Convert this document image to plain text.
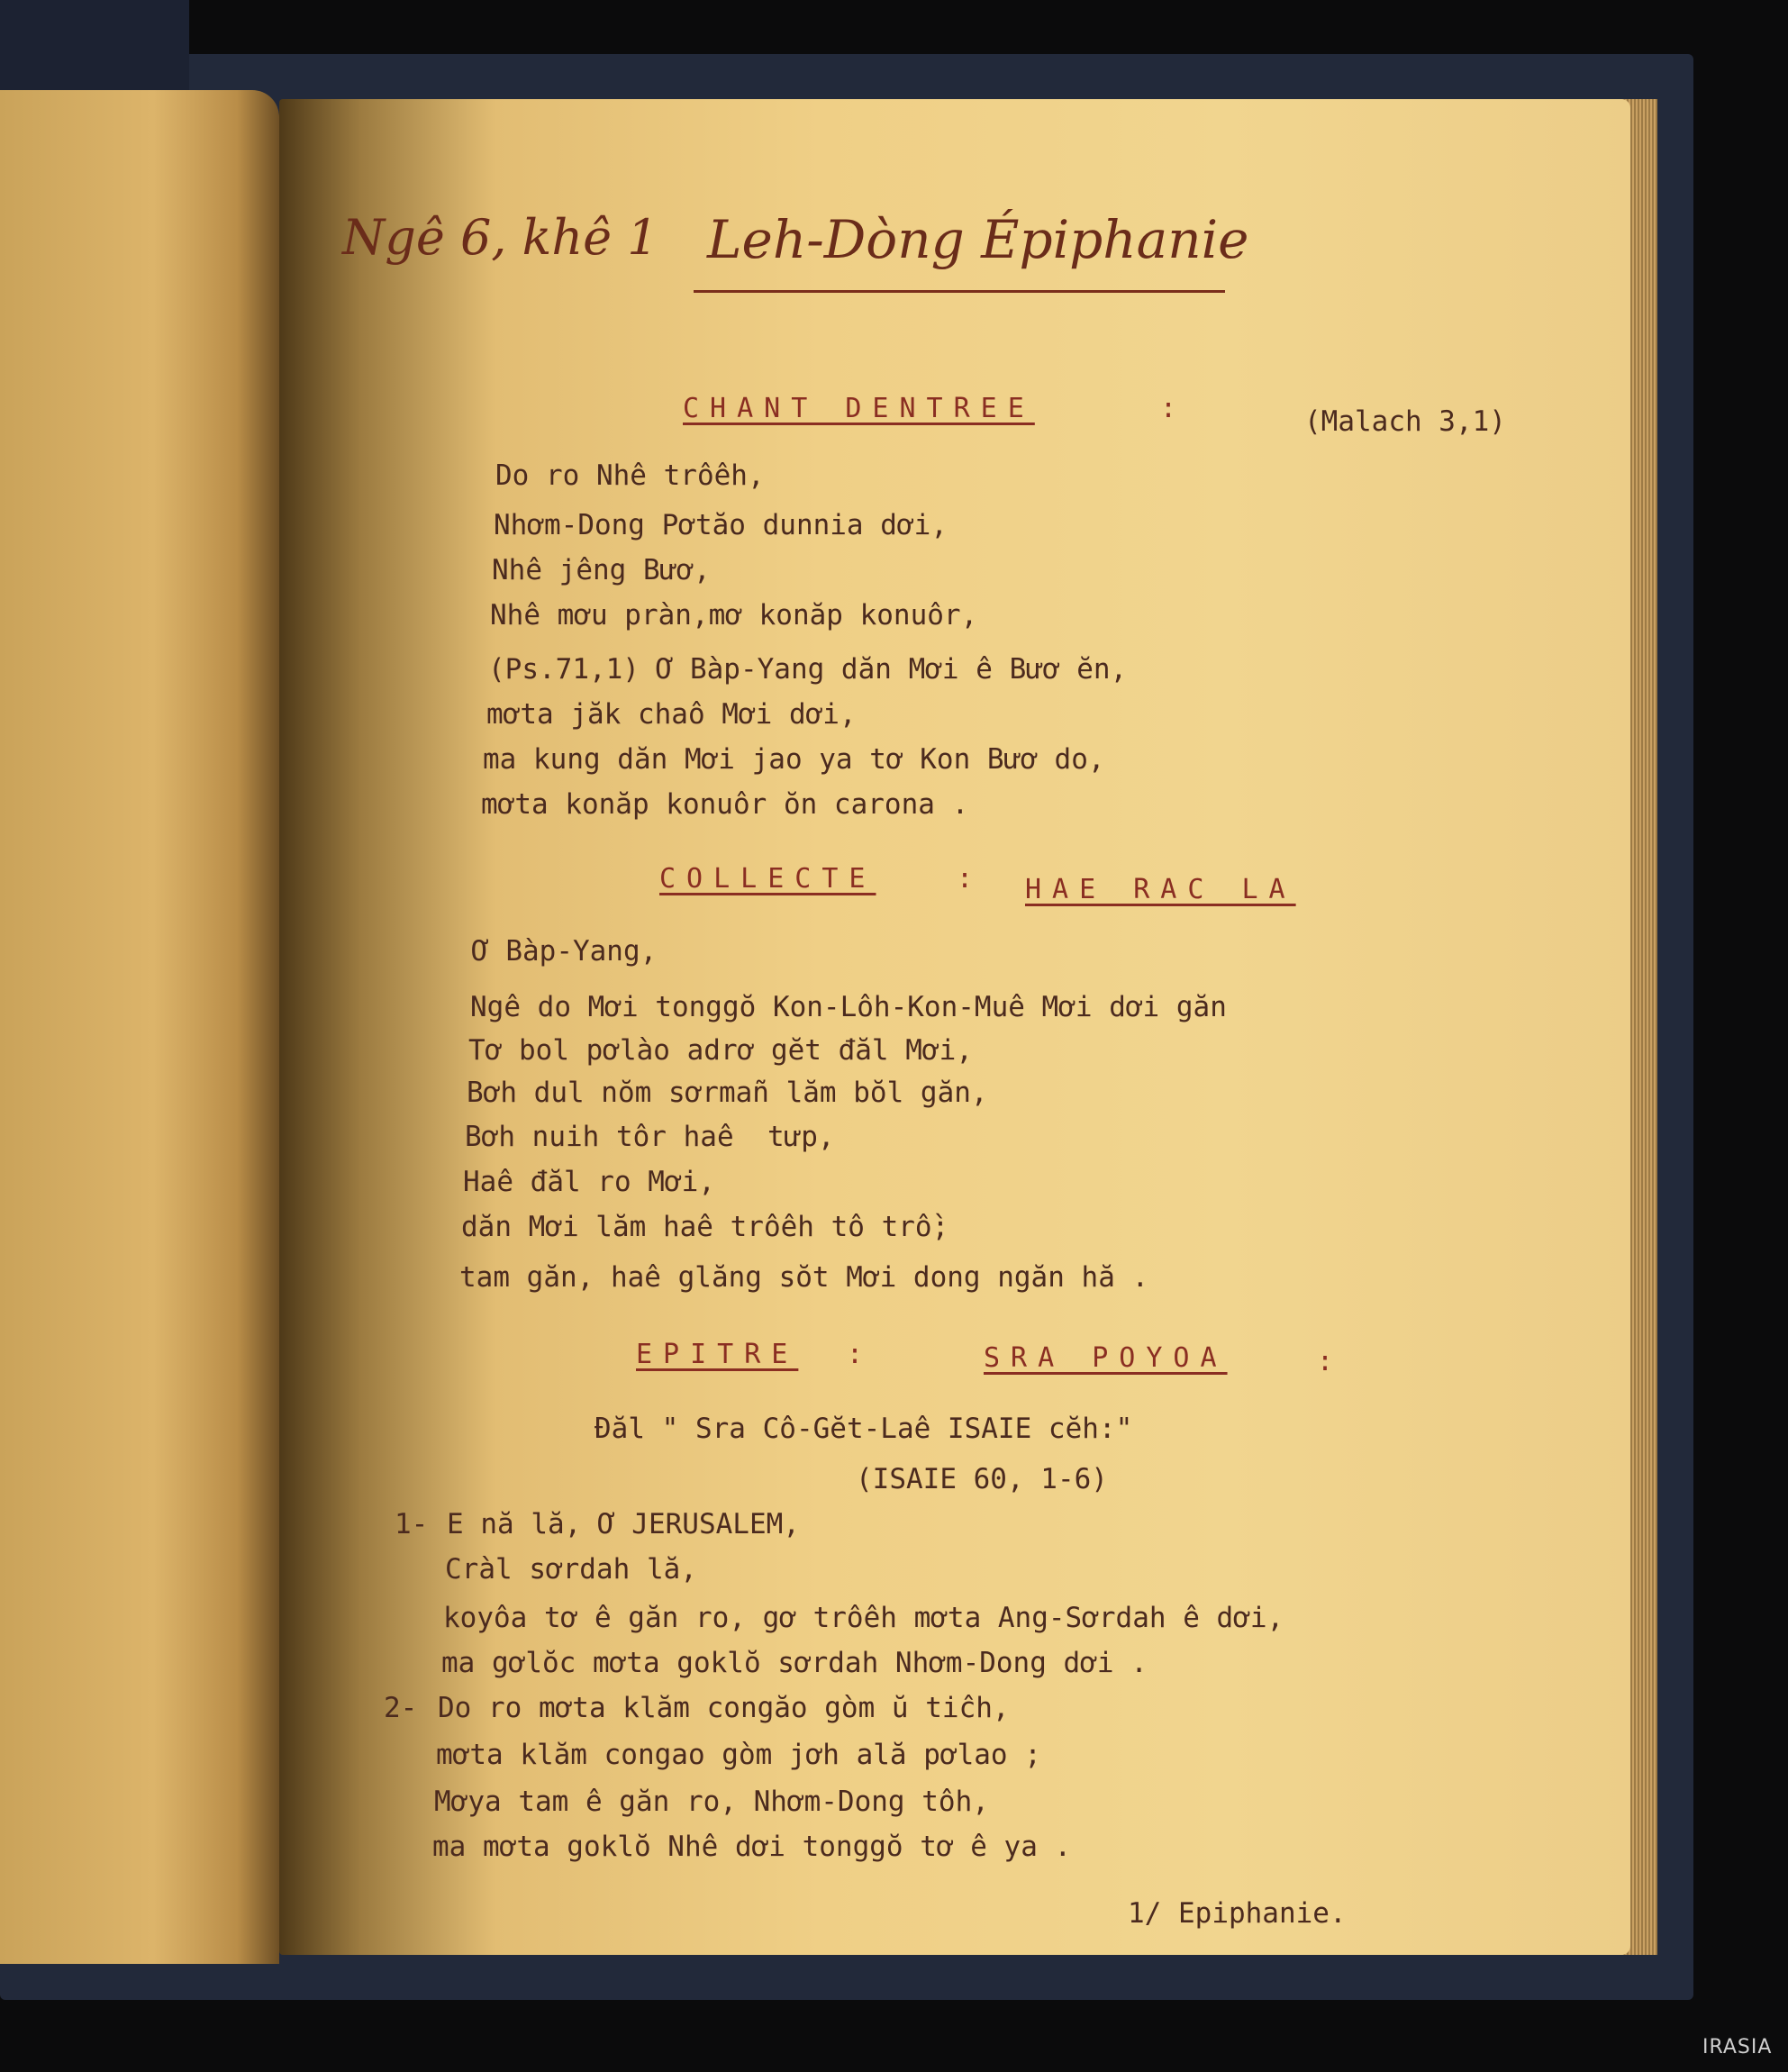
Ngê 6, khê 1 Leh-Dòng Épiphanie
CHANT DENTREE	:	(Malach 3,1)
Do ro Nhê trôêh,
Nhơm-Dong Pơtăo dunnia dơi,
Nhê jêng Bươ,
Nhê mơu pràn,mơ konăp konuôr,
(Ps.71,1) Ơ Bàp-Yang dăn Mơi ê Bươ ĕn,
mơta jăk chaô Mơi dơi,
ma kung dăn Mơi jao ya tơ Kon Bươ do,
mơta konăp konuôr ŏn carona .
COLLECTE	: HAE RAC LA
Ơ Bàp-Yang,
Ngê do Mơi tonggŏ Kon-Lôh-Kon-Muê Mơi dơi găn
Tơ bol pơlào adrơ gĕt đăl Mơi,
Bơh dul nŏm sơrmañ lăm bŏl găn,
Bơh nuih tôr haê  tưp,
Haê đăl ro Mơi,
dăn Mơi lăm haê trôêh tô trồ;
tam găn, haê glăng sŏt Mơi dong ngăn hă .
EPITRE :	SRA POYOA	:
Đăl " Sra Cô-Gĕt-Laê ISAIE cĕh:"
(ISAIE 60, 1-6)
1- E nă lă, Ơ JERUSALEM,
Cràl sơrdah lă,
koyôa tơ ê găn ro, gơ trôêh mơta Ang-Sơrdah ê dơi,
ma gơlŏc mơta goklŏ sơrdah Nhơm-Dong dơi .
2- Do ro mơta klăm congăo gòm ŭ tiĉh,
mơta klăm congao gòm jơh ală pơlao ;
Mơya tam ê găn ro, Nhơm-Dong tôh,
ma mơta goklŏ Nhê dơi tonggŏ tơ ê ya .
1/ Epiphanie.
IRASIA
